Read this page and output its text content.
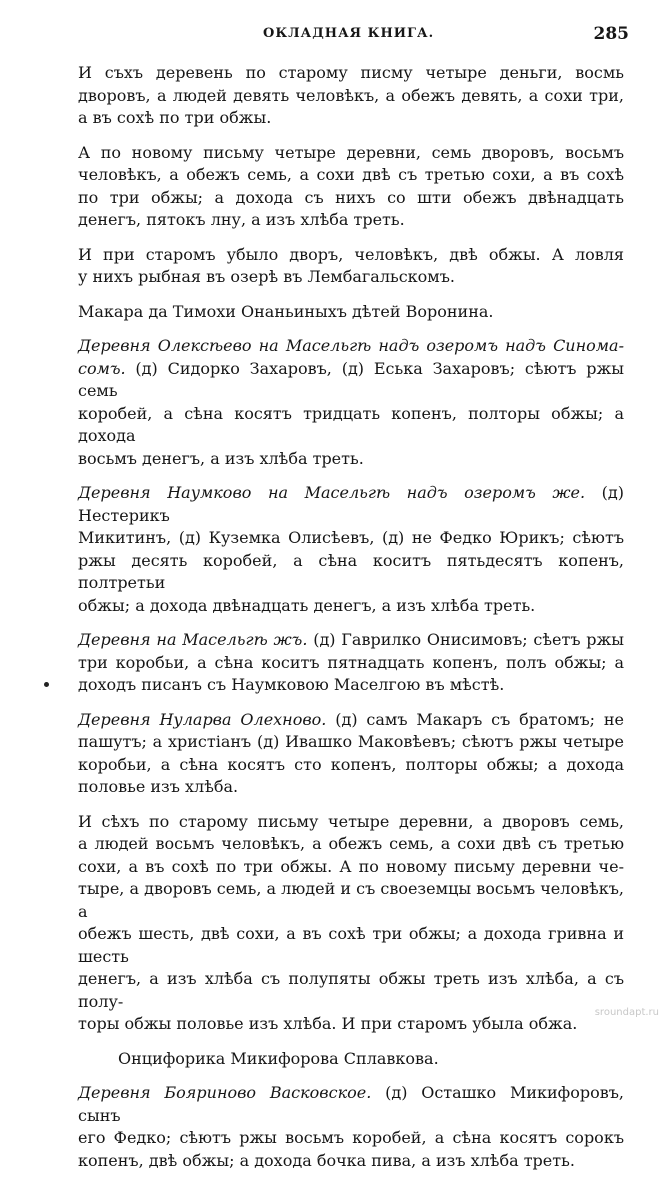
ОКЛАДНАЯ КНИГА.	285

И съхъ деревень по старому писму четыре деньги, восмь
дворовъ, а людей девять человѣкъ, а обежъ девять, а сохи три,
а въ сохѣ по три обжы.

А по новому письму четыре деревни, семь дворовъ, восьмъ
человѣкъ, а обежъ семь, а сохи двѣ съ третью сохи, а въ сохѣ
по три обжы; а дохода съ нихъ со шти обежъ двѣнадцать
денегъ, пятокъ лну, а изъ хлѣба треть.

И при старомъ убыло дворъ, человѣкъ, двѣ обжы. А ловля
у нихъ рыбная въ озерѣ въ Лембагальскомъ.

Макара да Тимохи Онаньиныхъ дѣтей Воронина.

Деревня Олексѣево на Масельгѣ надъ озеромъ надъ Синома-
сомъ. (д) Сидорко Захаровъ, (д) Еська Захаровъ; сѣютъ ржы семь
коробей, а сѣна косятъ тридцать копенъ, полторы обжы; а дохода
восьмъ денегъ, а изъ хлѣба треть.

Деревня Наумково на Масельгѣ надъ озеромъ же. (д) Нестерикъ
Микитинъ, (д) Куземка Олисѣевъ, (д) не Федко Юрикъ; сѣютъ
ржы десять коробей, а сѣна коситъ пятьдесятъ копенъ, полтретьи
обжы; а дохода двѣнадцать денегъ, а изъ хлѣба треть.

Деревня на Масельгѣ жъ. (д) Гаврилко Онисимовъ; сѣетъ ржы
три коробьи, а сѣна коситъ пятнадцать копенъ, полъ обжы; а
доходъ писанъ съ Наумковою Маселгою въ мѣстѣ.

Деревня Нуларва Олехново. (д) самъ Макаръ съ братомъ; не
пашутъ; а христіанъ (д) Ивашко Маковѣевъ; сѣютъ ржы четыре
коробьи, а сѣна косятъ сто копенъ, полторы обжы; а дохода
половье изъ хлѣба.

И сѣхъ по старому письму четыре деревни, а дворовъ семь,
а людей восьмъ человѣкъ, а обежъ семь, а сохи двѣ съ третью
сохи, а въ сохѣ по три обжы. А по новому письму деревни че-
тыре, а дворовъ семь, а людей и съ своеземцы восьмъ человѣкъ, а
обежъ шесть, двѣ сохи, а въ сохѣ три обжы; а дохода гривна и шесть
денегъ, а изъ хлѣба съ полупяты обжы треть изъ хлѣба, а съ полу-
торы обжы половье изъ хлѣба. И при старомъ убыла обжа.

Онцифорика Микифорова Сплавкова.

Деревня Бояриново Васковское. (д) Осташко Микифоровъ, сынъ
его Федко; сѣютъ ржы восьмъ коробей, а сѣна косятъ сорокъ
копенъ, двѣ обжы; а дохода бочка пива, а изъ хлѣба треть.

sroundapt.ru
